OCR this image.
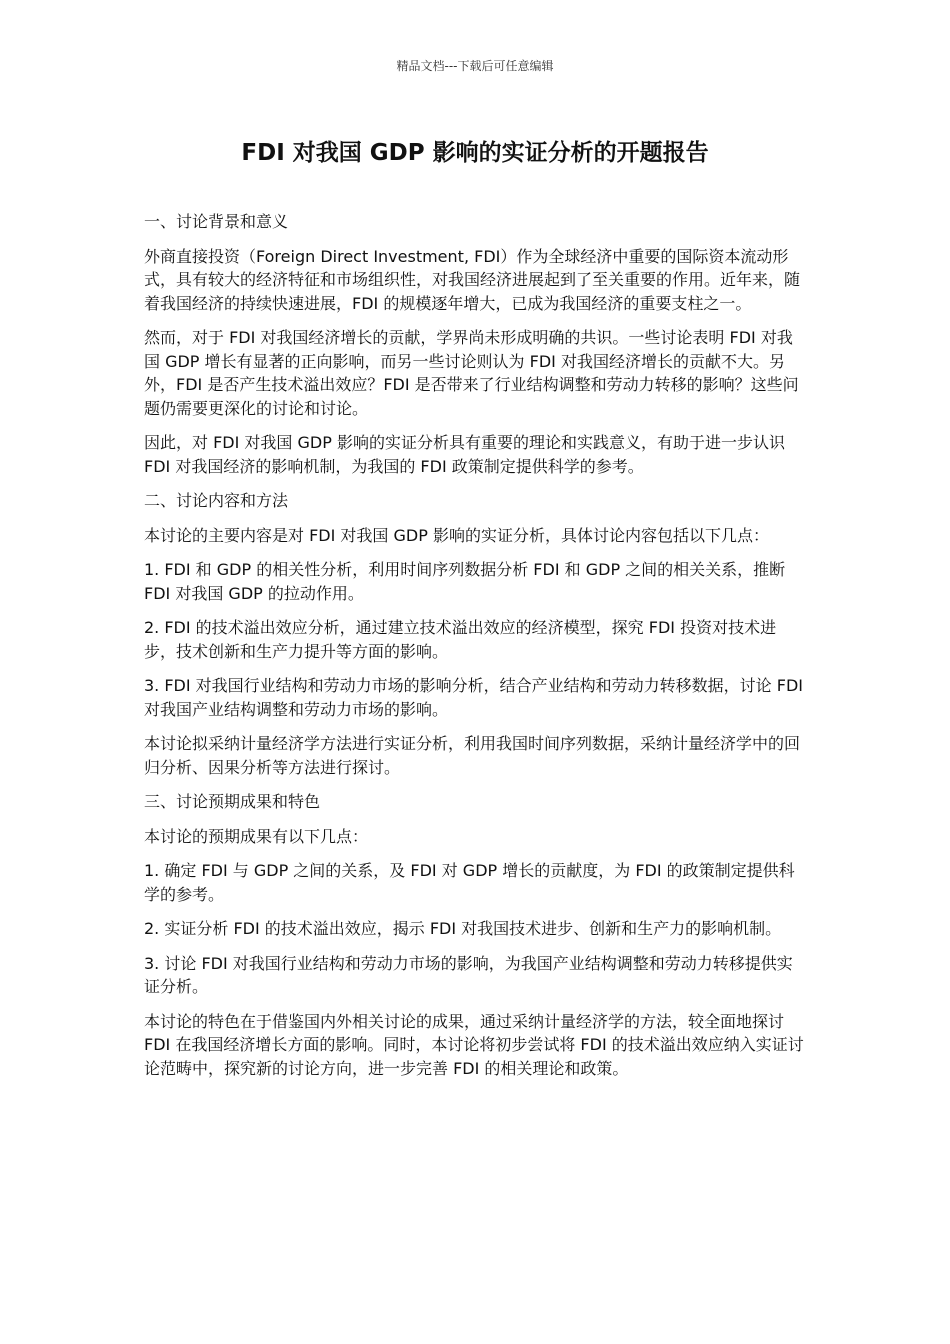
精品文档---下载后可任意编辑
FDI 对我国 GDP 影响的实证分析的开题报告

一、讨论背景和意义

外商直接投资（Foreign Direct Investment, FDI）作为全球经济中重要的国际资本流动形式，具有较大的经济特征和市场组织性，对我国经济进展起到了至关重要的作用。近年来，随着我国经济的持续快速进展，FDI 的规模逐年增大，已成为我国经济的重要支柱之一。

然而，对于 FDI 对我国经济增长的贡献，学界尚未形成明确的共识。一些讨论表明 FDI 对我国 GDP 增长有显著的正向影响，而另一些讨论则认为 FDI 对我国经济增长的贡献不大。另外，FDI 是否产生技术溢出效应？FDI 是否带来了行业结构调整和劳动力转移的影响？这些问题仍需要更深化的讨论和讨论。

因此，对 FDI 对我国 GDP 影响的实证分析具有重要的理论和实践意义，有助于进一步认识 FDI 对我国经济的影响机制，为我国的 FDI 政策制定提供科学的参考。

二、讨论内容和方法

本讨论的主要内容是对 FDI 对我国 GDP 影响的实证分析，具体讨论内容包括以下几点：

1. FDI 和 GDP 的相关性分析，利用时间序列数据分析 FDI 和 GDP 之间的相关关系，推断 FDI 对我国 GDP 的拉动作用。

2. FDI 的技术溢出效应分析，通过建立技术溢出效应的经济模型，探究 FDI 投资对技术进步，技术创新和生产力提升等方面的影响。

3. FDI 对我国行业结构和劳动力市场的影响分析，结合产业结构和劳动力转移数据，讨论 FDI 对我国产业结构调整和劳动力市场的影响。

本讨论拟采纳计量经济学方法进行实证分析，利用我国时间序列数据，采纳计量经济学中的回归分析、因果分析等方法进行探讨。

三、讨论预期成果和特色

本讨论的预期成果有以下几点：

1. 确定 FDI 与 GDP 之间的关系，及 FDI 对 GDP 增长的贡献度，为 FDI 的政策制定提供科学的参考。

2. 实证分析 FDI 的技术溢出效应，揭示 FDI 对我国技术进步、创新和生产力的影响机制。

3. 讨论 FDI 对我国行业结构和劳动力市场的影响，为我国产业结构调整和劳动力转移提供实证分析。

本讨论的特色在于借鉴国内外相关讨论的成果，通过采纳计量经济学的方法，较全面地探讨 FDI 在我国经济增长方面的影响。同时，本讨论将初步尝试将 FDI 的技术溢出效应纳入实证讨论范畴中，探究新的讨论方向，进一步完善 FDI 的相关理论和政策。
